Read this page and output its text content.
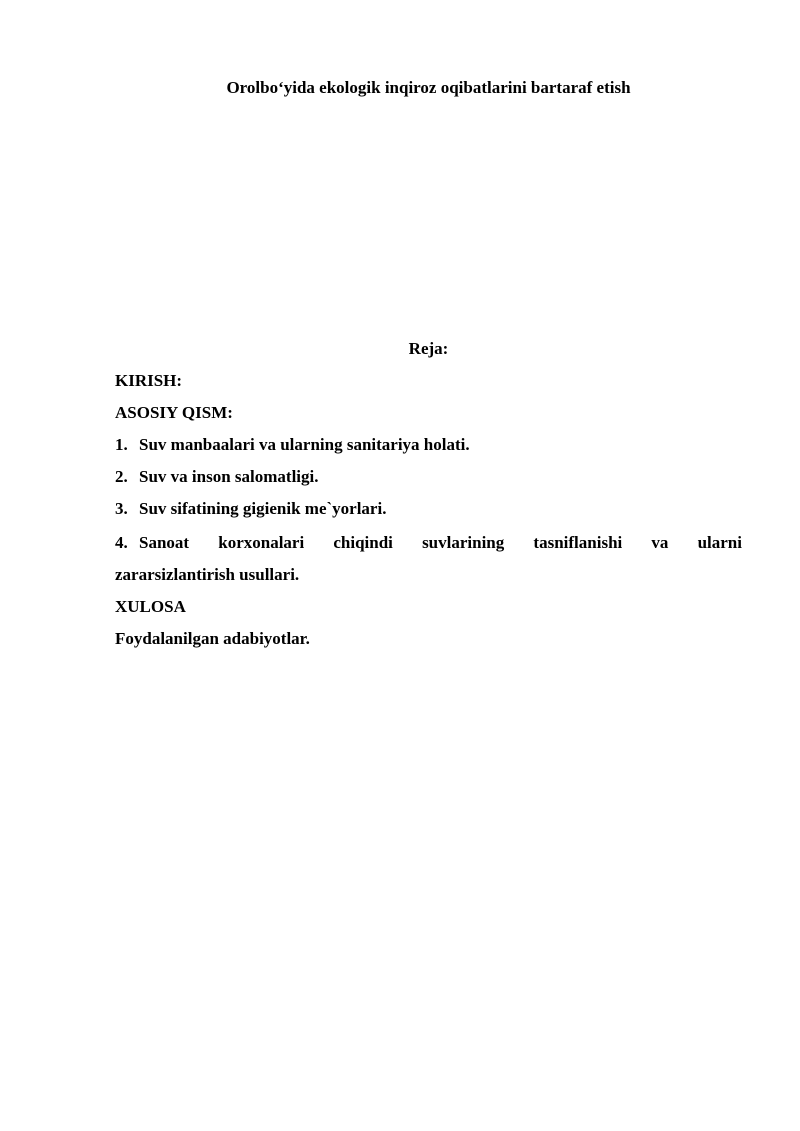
Orolbo‘yida ekologik inqiroz oqibatlarini bartaraf etish
Reja:

KIRISH:

ASOSIY QISM:

1. Suv manbaalari va ularning sanitariya holati.

2. Suv va inson salomatligi.

3. Suv sifatining gigienik me`yorlari.

4. Sanoat korxonalari chiqindi suvlarining tasniflanishi va ularni

zararsizlantirish usullari.

XULOSA

Foydalanilgan adabiyotlar.
